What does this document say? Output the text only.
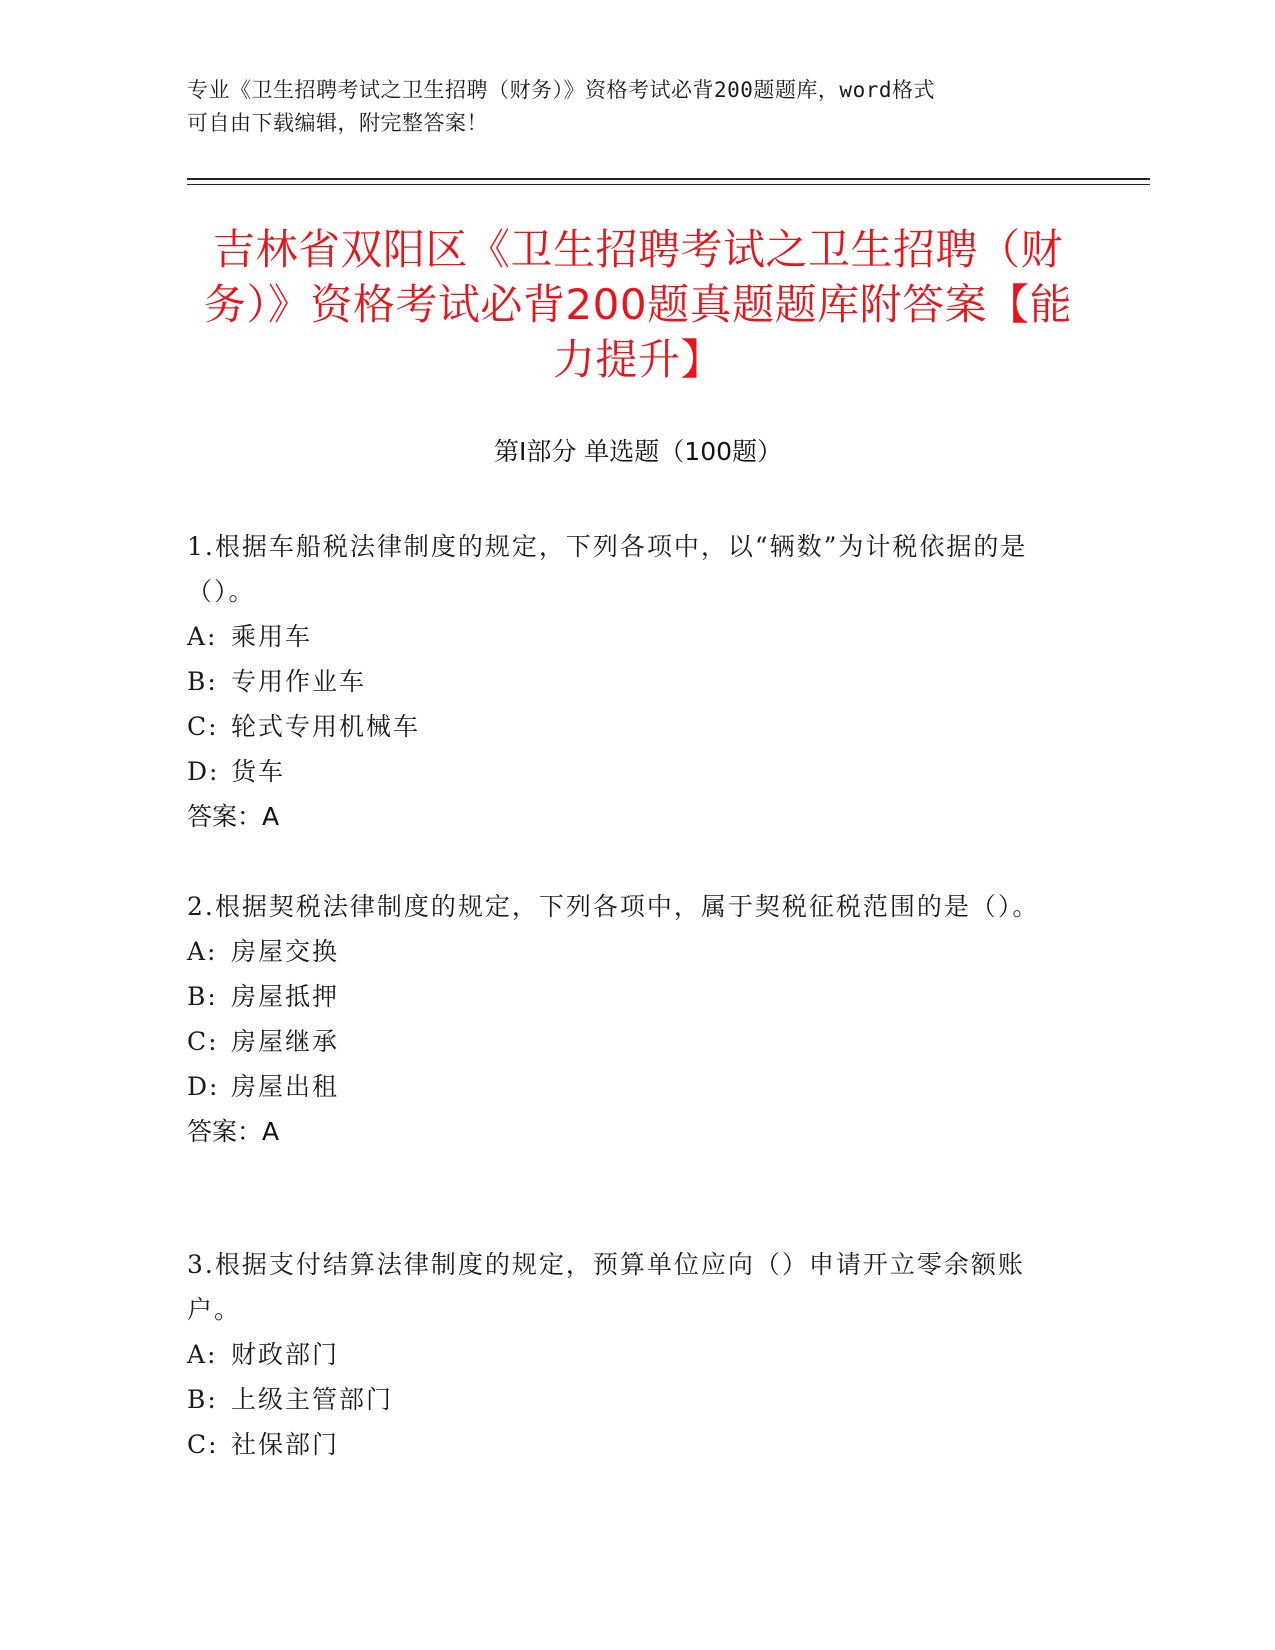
专业《卫生招聘考试之卫生招聘（财务）》资格考试必背200题题库，word格式
可自由下载编辑，附完整答案！
吉林省双阳区《卫生招聘考试之卫生招聘（财务）》资格考试必背200题真题题库附答案【能力提升】
第Ⅰ部分 单选题（100题）

1.根据车船税法律制度的规定，下列各项中，以“辆数”为计税依据的是（）。

A: 乘用车

B: 专用作业车

C: 轮式专用机械车

D: 货车

答案：A

2.根据契税法律制度的规定，下列各项中，属于契税征税范围的是（）。

A: 房屋交换

B: 房屋抵押

C: 房屋继承

D: 房屋出租

答案：A

3.根据支付结算法律制度的规定，预算单位应向（）申请开立零余额账户。

A: 财政部门

B: 上级主管部门

C: 社保部门
